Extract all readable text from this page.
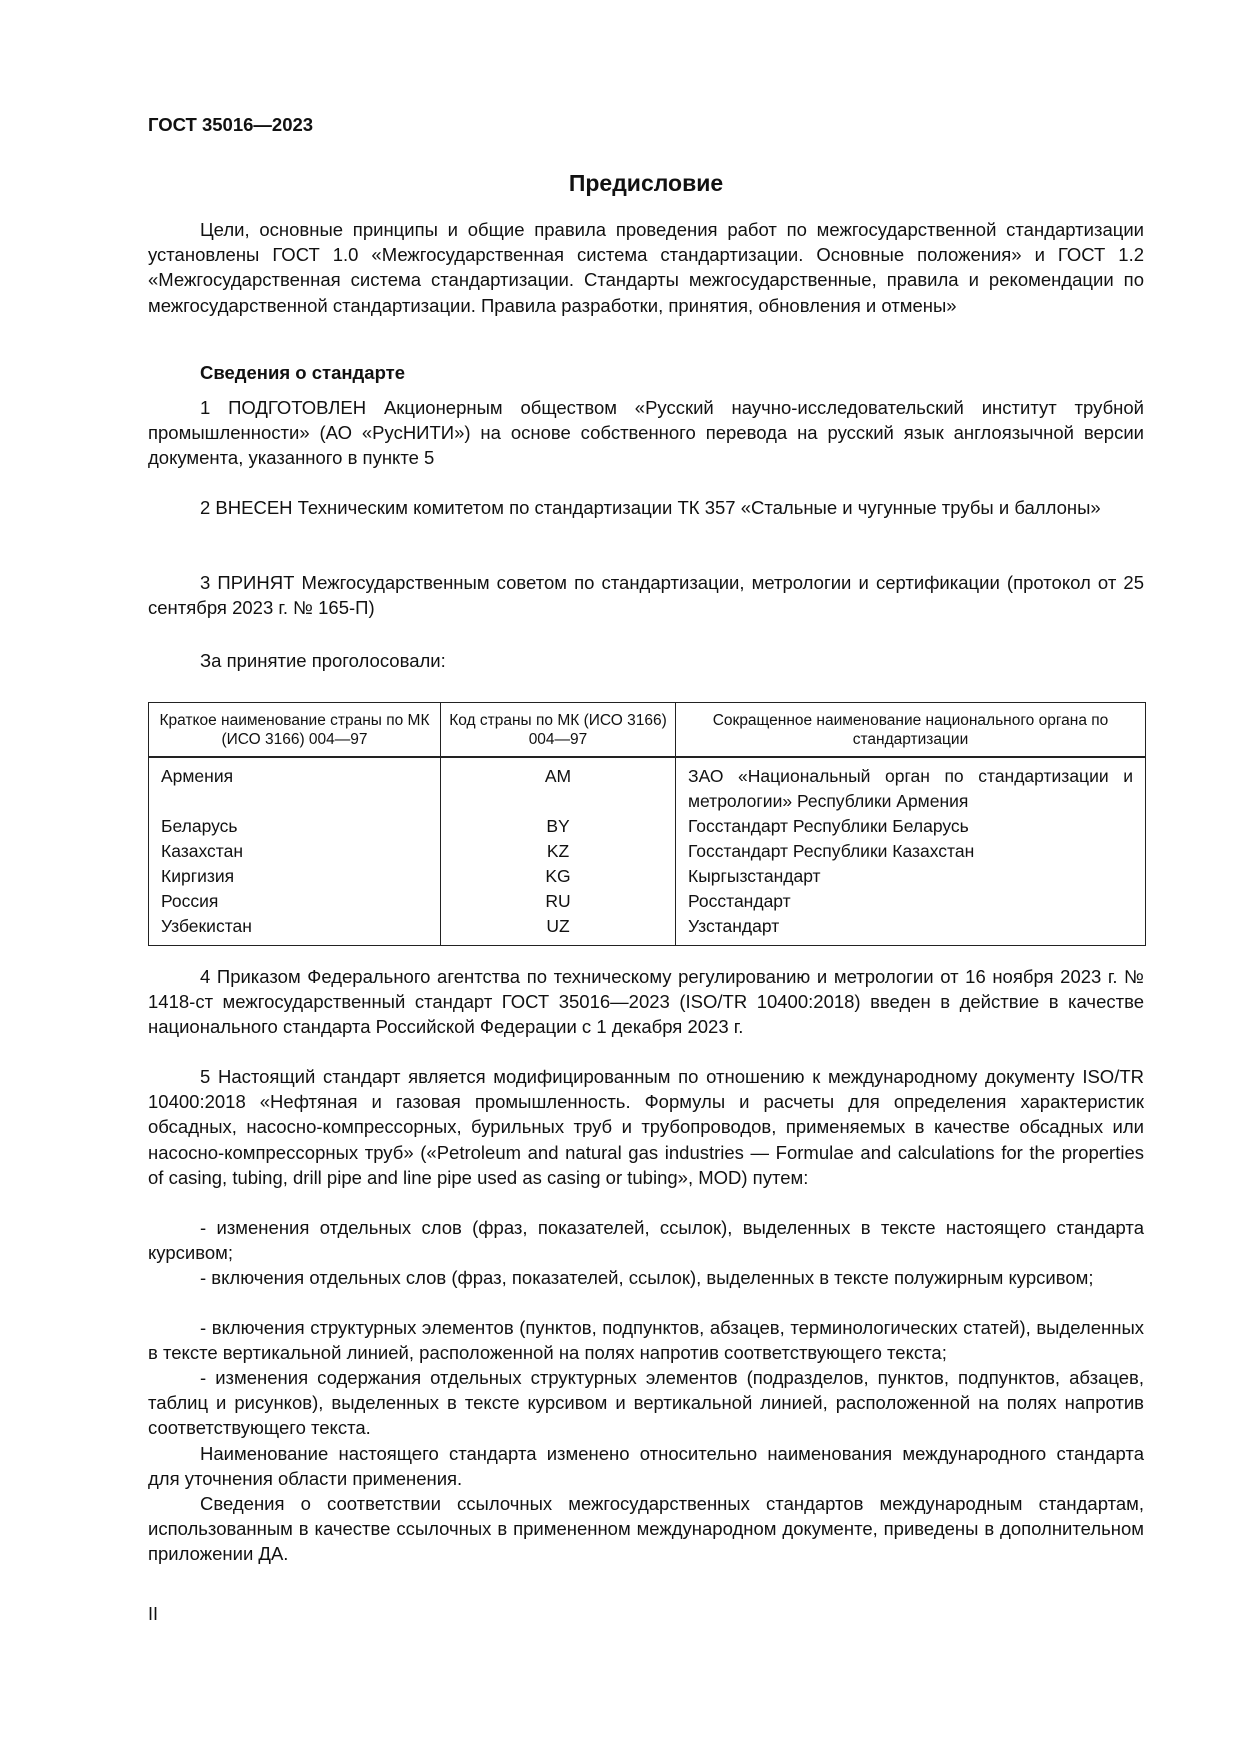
ГОСТ 35016—2023
Предисловие
Цели, основные принципы и общие правила проведения работ по межгосударственной стандартизации установлены ГОСТ 1.0 «Межгосударственная система стандартизации. Основные положения» и ГОСТ 1.2 «Межгосударственная система стандартизации. Стандарты межгосударственные, правила и рекомендации по межгосударственной стандартизации. Правила разработки, принятия, обновления и отмены»
Сведения о стандарте
1 ПОДГОТОВЛЕН Акционерным обществом «Русский научно-исследовательский институт трубной промышленности» (АО «РусНИТИ») на основе собственного перевода на русский язык англоязычной версии документа, указанного в пункте 5
2 ВНЕСЕН Техническим комитетом по стандартизации ТК 357 «Стальные и чугунные трубы и баллоны»
3 ПРИНЯТ Межгосударственным советом по стандартизации, метрологии и сертификации (протокол от 25 сентября 2023 г. № 165-П)
За принятие проголосовали:
Краткое наименование страны по МК (ИСО 3166) 004—97	Код страны по МК (ИСО 3166) 004—97	Сокращенное наименование национального органа по стандартизации
Армения	AM	ЗАО «Национальный орган по стандартизации и метрологии» Республики Армения
Беларусь	BY	Госстандарт Республики Беларусь
Казахстан	KZ	Госстандарт Республики Казахстан
Киргизия	KG	Кыргызстандарт
Россия	RU	Росстандарт
Узбекистан	UZ	Узстандарт
4 Приказом Федерального агентства по техническому регулированию и метрологии от 16 ноября 2023 г. № 1418-ст межгосударственный стандарт ГОСТ 35016—2023 (ISO/TR 10400:2018) введен в действие в качестве национального стандарта Российской Федерации с 1 декабря 2023 г.
5 Настоящий стандарт является модифицированным по отношению к международному документу ISO/TR 10400:2018 «Нефтяная и газовая промышленность. Формулы и расчеты для определения характеристик обсадных, насосно-компрессорных, бурильных труб и трубопроводов, применяемых в качестве обсадных или насосно-компрессорных труб» («Petroleum and natural gas industries — Formulae and calculations for the properties of casing, tubing, drill pipe and line pipe used as casing or tubing», MOD) путем:
- изменения отдельных слов (фраз, показателей, ссылок), выделенных в тексте настоящего стандарта курсивом;
- включения отдельных слов (фраз, показателей, ссылок), выделенных в тексте полужирным курсивом;
- включения структурных элементов (пунктов, подпунктов, абзацев, терминологических статей), выделенных в тексте вертикальной линией, расположенной на полях напротив соответствующего текста;
- изменения содержания отдельных структурных элементов (подразделов, пунктов, подпунктов, абзацев, таблиц и рисунков), выделенных в тексте курсивом и вертикальной линией, расположенной на полях напротив соответствующего текста.
Наименование настоящего стандарта изменено относительно наименования международного стандарта для уточнения области применения.
Сведения о соответствии ссылочных межгосударственных стандартов международным стандартам, использованным в качестве ссылочных в примененном международном документе, приведены в дополнительном приложении ДА.
II
